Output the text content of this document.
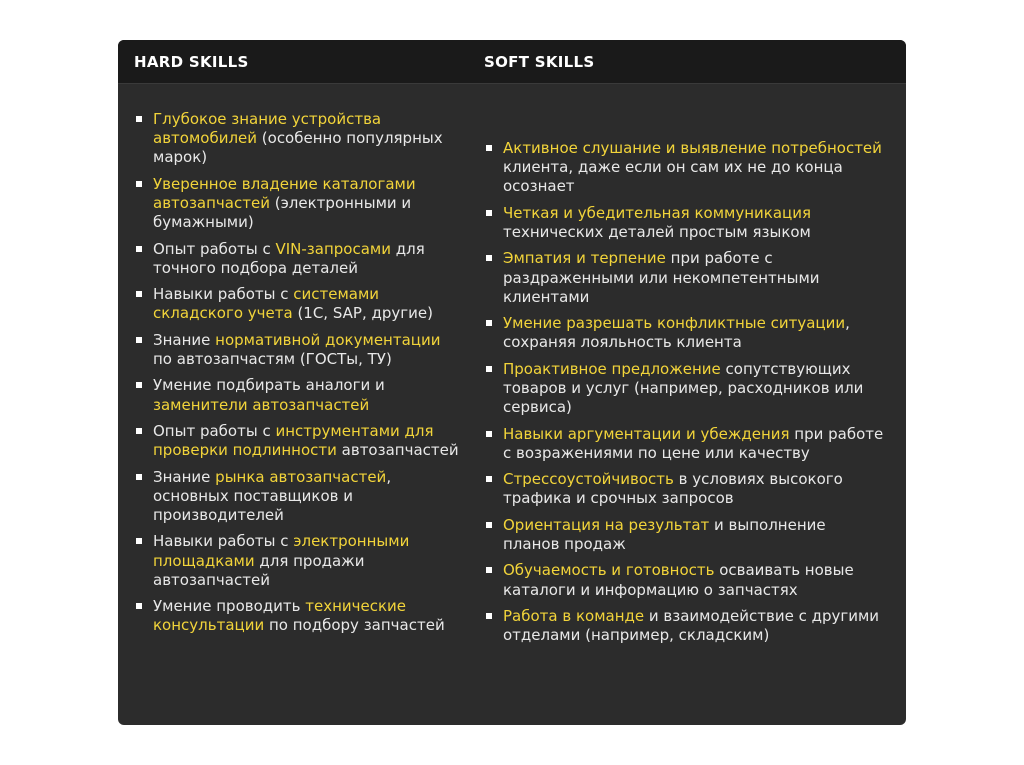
HARD SKILLS	SOFT SKILLS
Глубокое знание устройства автомобилей (особенно популярных марок)
Уверенное владение каталогами автозапчастей (электронными и бумажными)
Опыт работы с VIN-запросами для точного подбора деталей
Навыки работы с системами складского учета (1С, SAP, другие)
Знание нормативной документации по автозапчастям (ГОСТы, ТУ)
Умение подбирать аналоги и заменители автозапчастей
Опыт работы с инструментами для проверки подлинности автозапчастей
Знание рынка автозапчастей, основных поставщиков и производителей
Навыки работы с электронными площадками для продажи автозапчастей
Умение проводить технические консультации по подбору запчастей
Активное слушание и выявление потребностей клиента, даже если он сам их не до конца осознает
Четкая и убедительная коммуникация технических деталей простым языком
Эмпатия и терпение при работе с раздраженными или некомпетентными клиентами
Умение разрешать конфликтные ситуации, сохраняя лояльность клиента
Проактивное предложение сопутствующих товаров и услуг (например, расходников или сервиса)
Навыки аргументации и убеждения при работе с возражениями по цене или качеству
Стрессоустойчивость в условиях высокого трафика и срочных запросов
Ориентация на результат и выполнение планов продаж
Обучаемость и готовность осваивать новые каталоги и информацию о запчастях
Работа в команде и взаимодействие с другими отделами (например, складским)
